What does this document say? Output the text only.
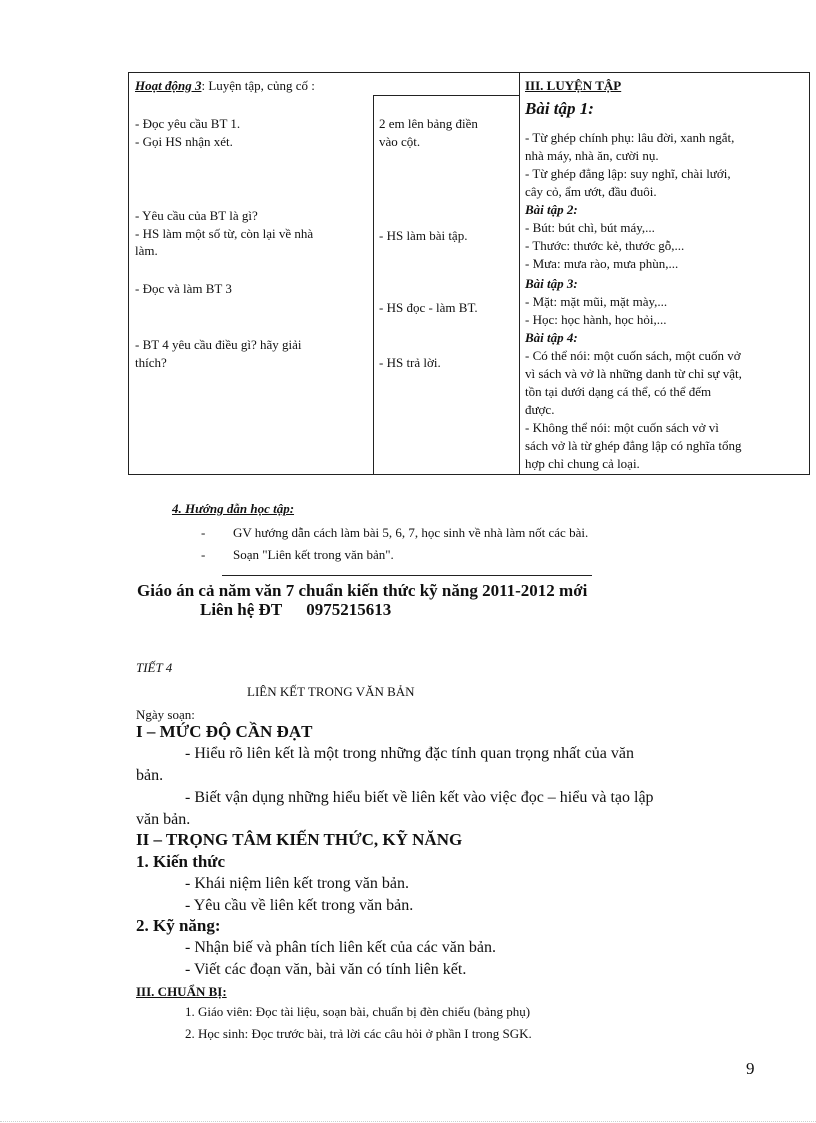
Hoạt động 3: Luyện tập, củng cố :
- Đọc yêu cầu BT 1.
- Gọi HS nhận xét.
- Yêu cầu của BT là gì?
- HS làm một số từ, còn lại về nhà
làm.
- Đọc và làm BT 3
- BT 4 yêu cầu điều gì? hãy giải
thích?
2 em lên bảng điền
vào cột.
- HS làm bài tập.
- HS đọc - làm BT.
- HS trả lời.
III. LUYỆN TẬP
Bài tập 1:
- Từ ghép chính phụ: lâu đời, xanh ngắt,
nhà máy, nhà ăn, cười nụ.
- Từ ghép đẳng lập: suy nghĩ, chài lưới,
cây cỏ, ẩm ướt, đầu đuôi.
Bài tập 2:
- Bút: bút chì, bút máy,...
- Thước: thước kẻ, thước gỗ,...
- Mưa: mưa rào, mưa phùn,...
Bài tập 3:
- Mặt: mặt mũi, mặt mày,...
- Học: học hành, học hỏi,...
Bài tập 4:
- Có thể nói: một cuốn sách, một cuốn vở
vì sách và vở là những danh từ chỉ sự vật,
tồn tại dưới dạng cá thể, có thể đếm
được.
- Không thể nói: một cuốn sách vở vì
sách vở là từ ghép đẳng lập có nghĩa tổng
hợp chỉ chung cả loại.
4. Hướng dẫn học tập:
- GV hướng dẫn cách làm bài 5, 6, 7, học sinh về nhà làm nốt các bài.
- Soạn "Liên kết trong văn bản".
Giáo án cả năm văn 7 chuẩn kiến thức kỹ năng 2011-2012 mới
Liên hệ ĐT 0975215613
TIẾT 4
LIÊN KẾT TRONG VĂN BẢN
Ngày soạn:
I – MỨC ĐỘ CẦN ĐẠT
- Hiểu rõ liên kết là một trong những đặc tính quan trọng nhất của văn
bản.
- Biết vận dụng những hiểu biết về liên kết vào việc đọc – hiểu và tạo lập
văn bản.
II – TRỌNG TÂM KIẾN THỨC, KỸ NĂNG
1. Kiến thức
- Khái niệm liên kết trong văn bản.
- Yêu cầu về liên kết trong văn bản.
2. Kỹ năng:
- Nhận biế và phân tích liên kết của các văn bản.
- Viết các đoạn văn, bài văn có tính liên kết.
III. CHUẨN BỊ:
1. Giáo viên: Đọc tài liệu, soạn bài, chuẩn bị đèn chiếu (bảng phụ)
2. Học sinh: Đọc trước bài, trả lời các câu hỏi ở phần I trong SGK.
9
